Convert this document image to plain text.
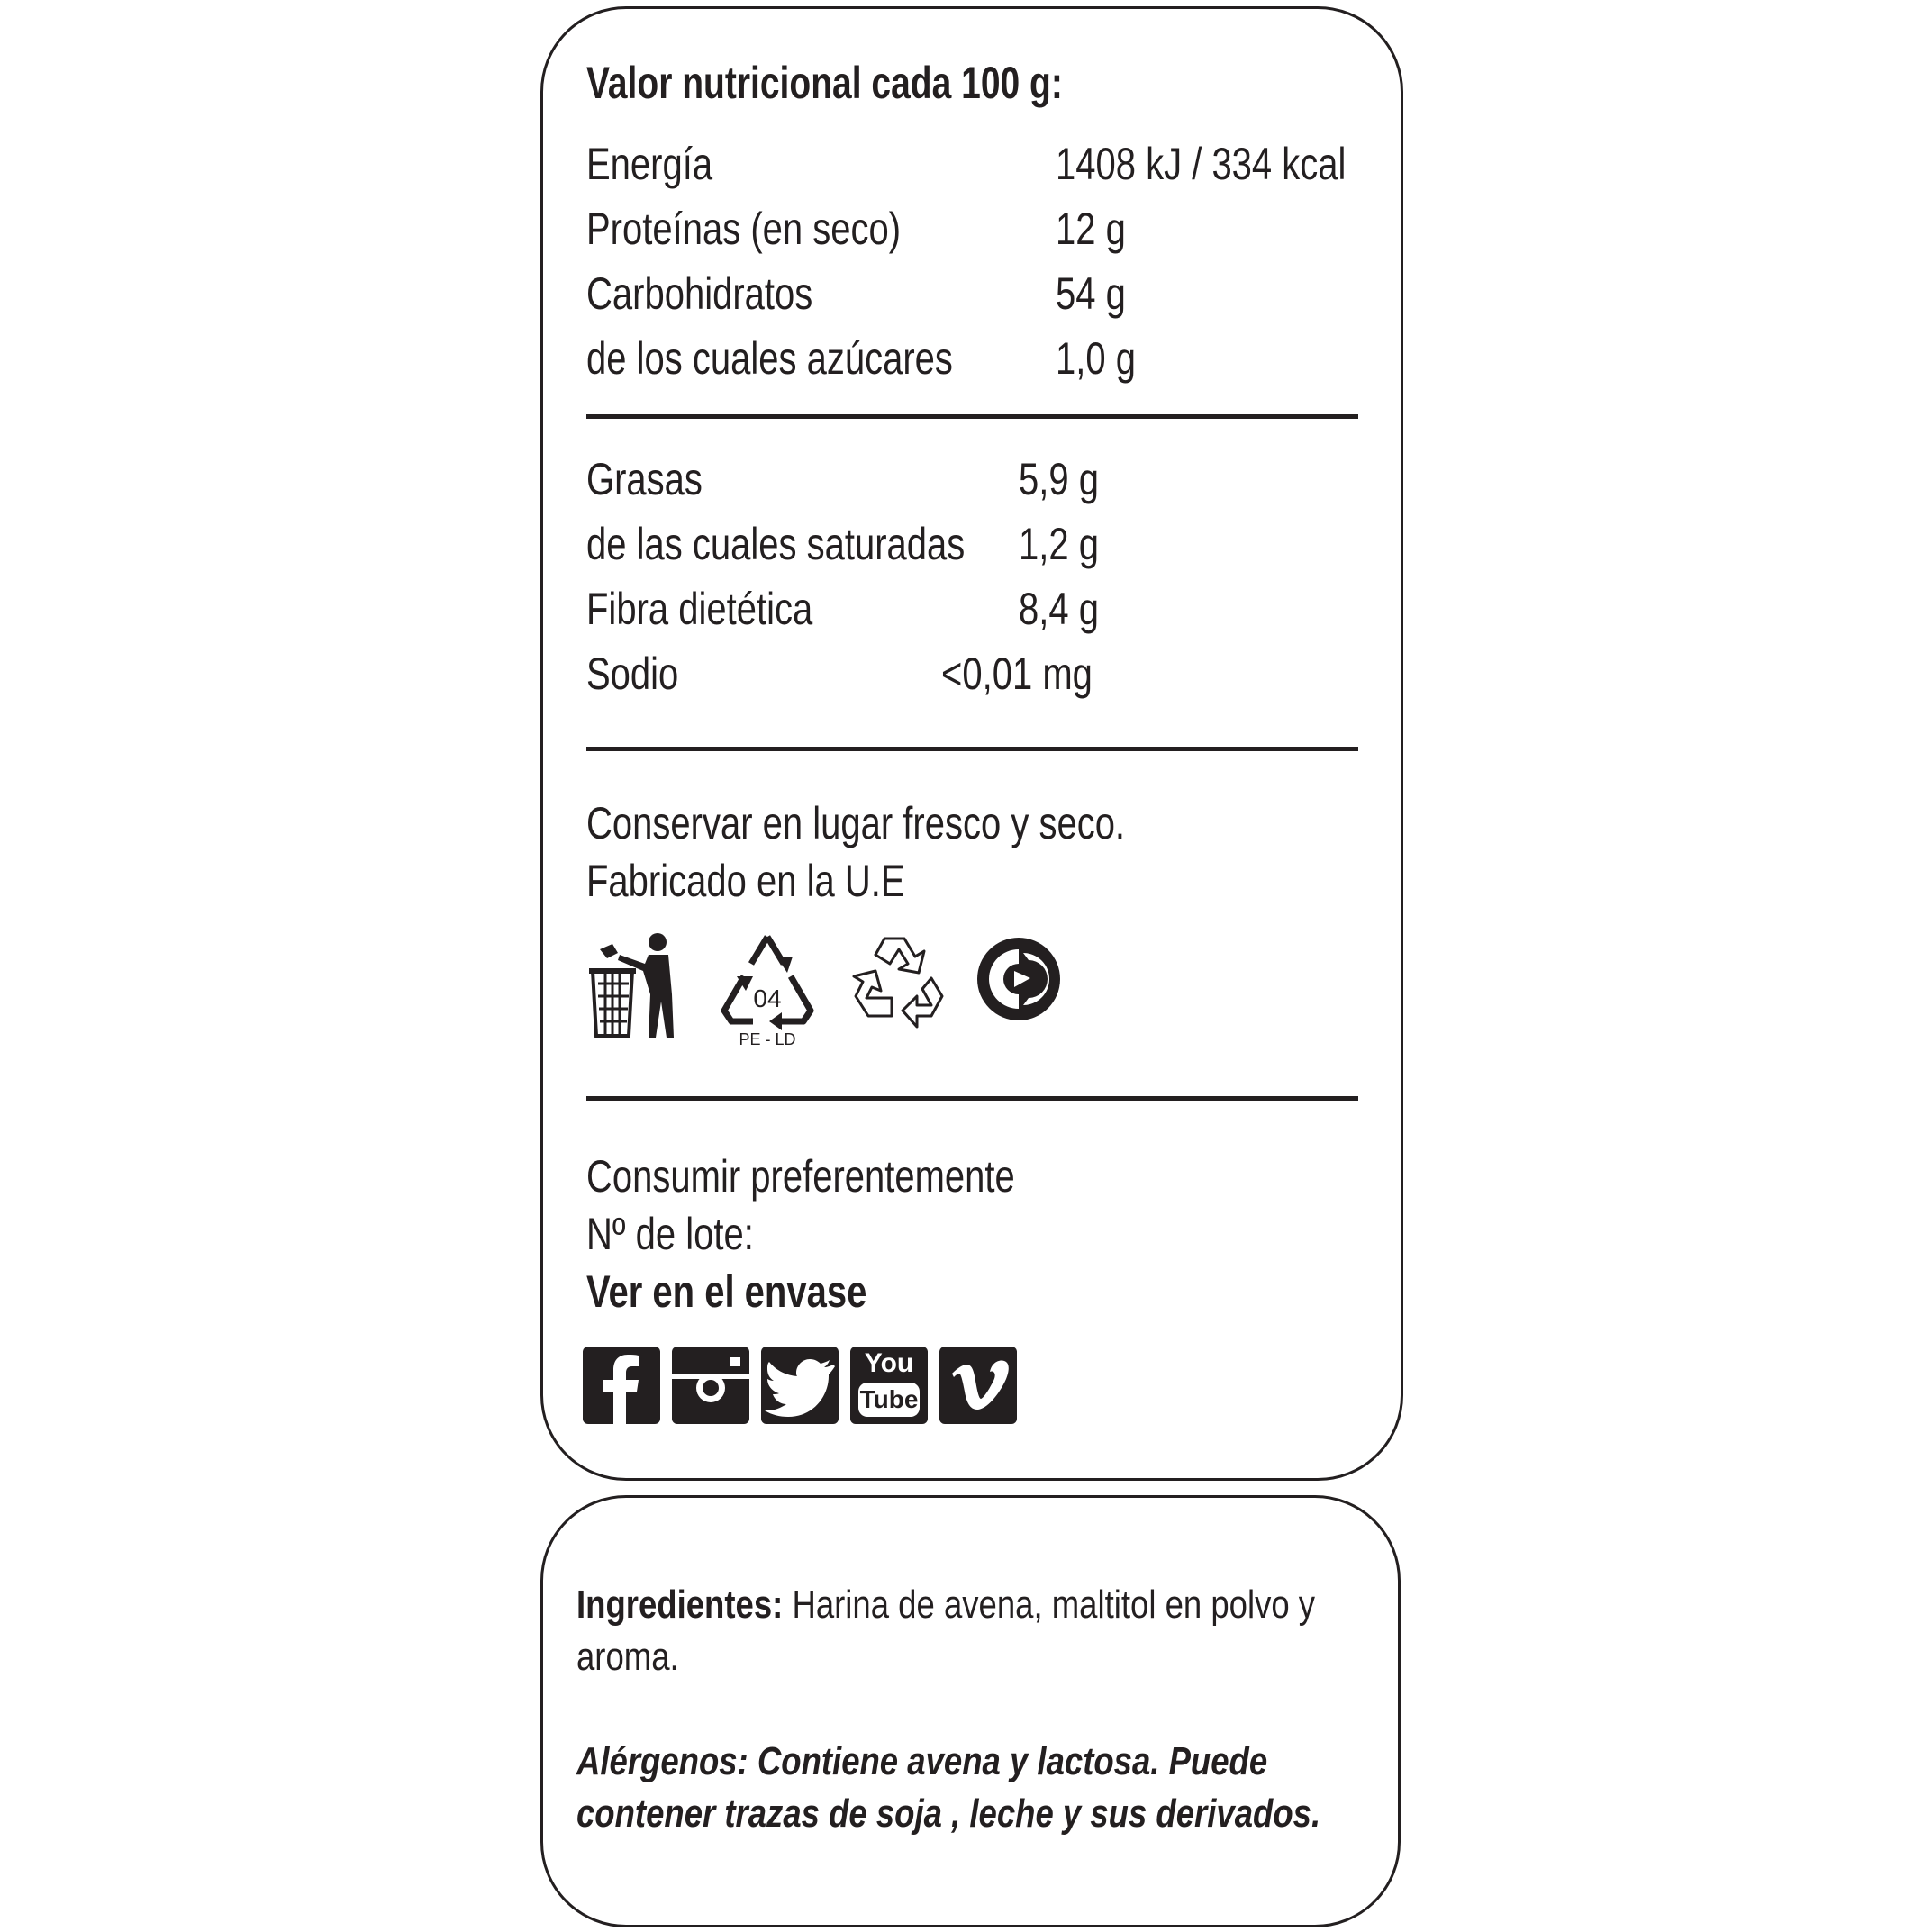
Valor nutricional cada 100 g:
Energía	1408 kJ / 334 kcal
Proteínas (en seco)	12 g
Carbohidratos	54 g
de los cuales azúcares	1,0 g
Grasas	5,9 g
de las cuales saturadas	1,2 g
Fibra dietética	8,4 g
Sodio	<0,01 mg
Conservar en lugar fresco y seco.
Fabricado en la U.E
04
PE - LD
Consumir preferentemente
Nº de lote:
Ver en el envase
You
Tube

Ingredientes: Harina de avena, maltitol en polvo y aroma.

Alérgenos: Contiene avena y lactosa. Puede contener trazas de soja , leche y sus derivados.
